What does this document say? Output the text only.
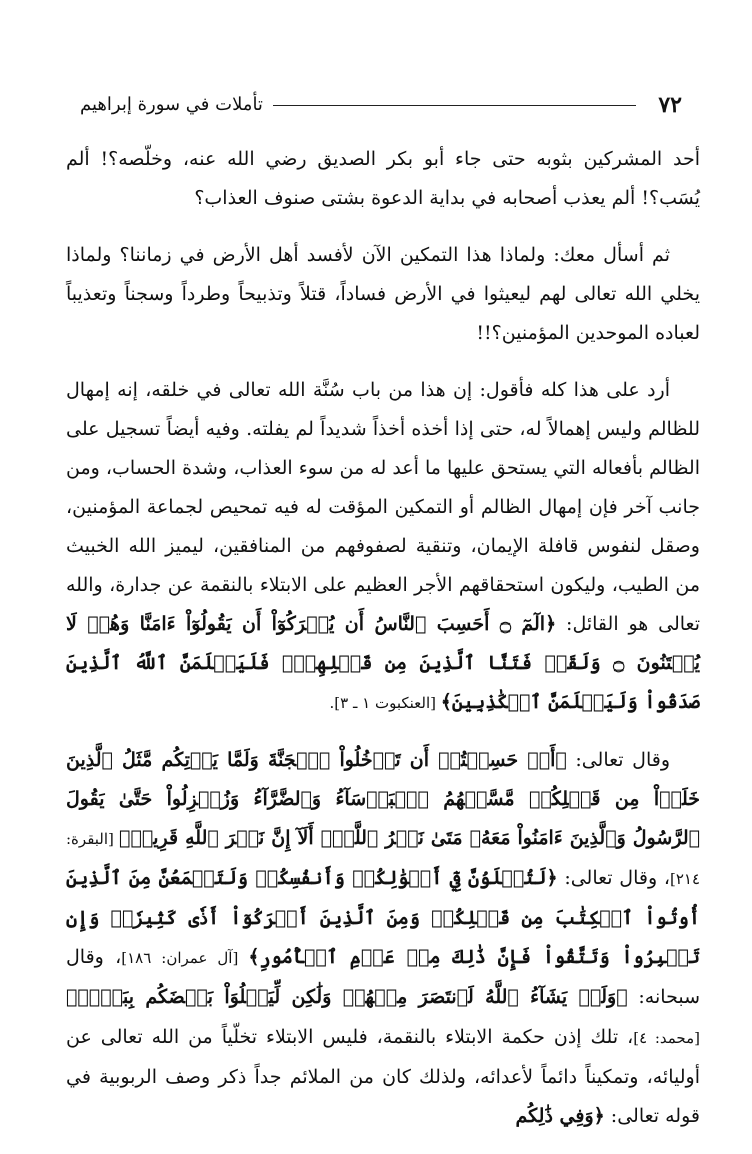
٧٢
تأملات في سورة إبراهيم

أحد المشركين بثوبه حتى جاء أبو بكر الصديق رضي الله عنه، وخلّصه؟! ألم يُسَب؟! ألم يعذب أصحابه في بداية الدعوة بشتى صنوف العذاب؟

ثم أسأل معك: ولماذا هذا التمكين الآن لأفسد أهل الأرض في زماننا؟ ولماذا يخلي الله تعالى لهم ليعيثوا في الأرض فساداً، قتلاً وتذبيحاً وطرداً وسجناً وتعذيباً لعباده الموحدين المؤمنين؟!!

أرد على هذا كله فأقول: إن هذا من باب سُنَّة الله تعالى في خلقه، إنه إمهال للظالم وليس إهمالاً له، حتى إذا أخذه أخذاً شديداً لم يفلته. وفيه أيضاً تسجيل على الظالم بأفعاله التي يستحق عليها ما أعد له من سوء العذاب، وشدة الحساب، ومن جانب آخر فإن إمهال الظالم أو التمكين المؤقت له فيه تمحيص لجماعة المؤمنين، وصقل لنفوس قافلة الإيمان، وتنقية لصفوفهم من المنافقين، ليميز الله الخبيث من الطيب، وليكون استحقاقهم الأجر العظيم على الابتلاء بالنقمة عن جدارة، والله تعالى هو القائل: ﴿الٓمٓ ۝ أَحَسِبَ ٱلنَّاسُ أَن يُتۡرَكُوٓاْ أَن يَقُولُوٓاْ ءَامَنَّا وَهُمۡ لَا يُفۡتَنُونَ ۝ وَلَقَدۡ فَتَنَّا ٱلَّذِينَ مِن قَبۡلِهِمۡۖ فَلَيَعۡلَمَنَّ ٱللَّهُ ٱلَّذِينَ صَدَقُواْ وَلَيَعۡلَمَنَّ ٱلۡكَٰذِبِينَ﴾ [العنكبوت ١ ـ ٣].

وقال تعالى: ﴿أَمۡ حَسِبۡتُمۡ أَن تَدۡخُلُواْ ٱلۡجَنَّةَ وَلَمَّا يَأۡتِكُم مَّثَلُ ٱلَّذِينَ خَلَوۡاْ مِن قَبۡلِكُمۖ مَّسَّتۡهُمُ ٱلۡبَأۡسَآءُ وَٱلضَّرَّآءُ وَزُلۡزِلُواْ حَتَّىٰ يَقُولَ ٱلرَّسُولُ وَٱلَّذِينَ ءَامَنُواْ مَعَهُۥ مَتَىٰ نَصۡرُ ٱللَّهِۗ أَلَآ إِنَّ نَصۡرَ ٱللَّهِ قَرِيبٞ﴾ [البقرة: ٢١٤]، وقال تعالى: ﴿لَتُبۡلَوُنَّ فِيٓ أَمۡوَٰلِكُمۡ وَأَنفُسِكُمۡ وَلَتَسۡمَعُنَّ مِنَ ٱلَّذِينَ أُوتُواْ ٱلۡكِتَٰبَ مِن قَبۡلِكُمۡ وَمِنَ ٱلَّذِينَ أَشۡرَكُوٓاْ أَذٗى كَثِيرٗاۚ وَإِن تَصۡبِرُواْ وَتَتَّقُواْ فَإِنَّ ذَٰلِكَ مِنۡ عَزۡمِ ٱلۡأُمُورِ﴾ [آل عمران: ١٨٦]، وقال سبحانه: ﴿وَلَوۡ يَشَآءُ ٱللَّهُ لَٱنتَصَرَ مِنۡهُمۡ وَلَٰكِن لِّيَبۡلُوَاْ بَعۡضَكُم بِبَعۡضٖ﴾ [محمد: ٤]، تلك إذن حكمة الابتلاء بالنقمة، فليس الابتلاء تخلّياً من الله تعالى عن أوليائه، وتمكيناً دائماً لأعدائه، ولذلك كان من الملائم جداً ذكر وصف الربوبية في قوله تعالى: ﴿وَفِي ذَٰلِكُم
